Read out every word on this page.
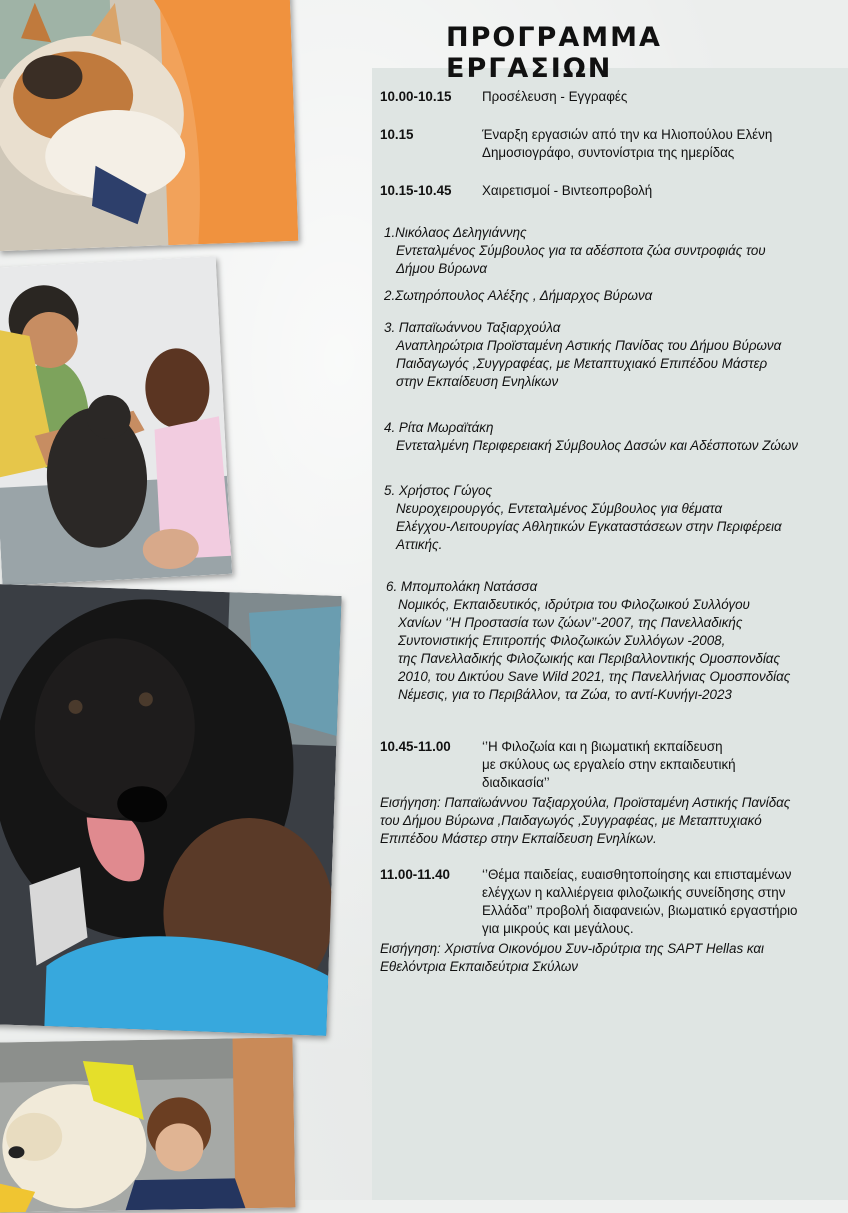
ΠΡΟΓΡΑΜΜΑ ΕΡΓΑΣΙΩΝ
10.00-10.15	Προσέλευση - Εγγραφές
10.15	Έναρξη εργασιών από την κα Ηλιοπούλου Ελένη
Δημοσιογράφο, συντονίστρια της ημερίδας
10.15-10.45	Χαιρετισμοί - Βιντεοπροβολή
1.Νικόλαος Δεληγιάννης
Εντεταλμένος Σύμβουλος για τα αδέσποτα ζώα συντροφιάς του
Δήμου Βύρωνα
2.Σωτηρόπουλος Αλέξης , Δήμαρχος Βύρωνα
3. Παπαϊωάννου Ταξιαρχούλα
Αναπληρώτρια Προϊσταμένη Αστικής Πανίδας του Δήμου Βύρωνα
Παιδαγωγός ,Συγγραφέας, με Μεταπτυχιακό Επιπέδου Μάστερ
στην Εκπαίδευση Ενηλίκων
4. Ρίτα Μωραϊτάκη
Εντεταλμένη Περιφερειακή Σύμβουλος Δασών και Αδέσποτων Ζώων
5. Χρήστος Γώγος
Νευροχειρουργός, Εντεταλμένος Σύμβουλος για θέματα
Ελέγχου-Λειτουργίας Αθλητικών Εγκαταστάσεων στην Περιφέρεια
Αττικής.
6. Μπομπολάκη Νατάσσα
Νομικός, Εκπαιδευτικός, ιδρύτρια του Φιλοζωικού Συλλόγου
Χανίων ‘’Η Προστασία των ζώων’’-2007, της Πανελλαδικής
Συντονιστικής Επιτροπής Φιλοζωικών Συλλόγων -2008,
της Πανελλαδικής Φιλοζωικής και Περιβαλλοντικής Ομοσπονδίας
2010, του Δικτύου Save Wild 2021, της Πανελλήνιας Ομοσπονδίας
Νέμεσις, για το Περιβάλλον, τα Ζώα, το αντί-Κυνήγι-2023
10.45-11.00	‘’Η Φιλοζωία και η βιωματική εκπαίδευση
με σκύλους ως εργαλείο στην εκπαιδευτική
διαδικασία’’
Εισήγηση: Παπαϊωάννου Ταξιαρχούλα, Προϊσταμένη Αστικής Πανίδας
του Δήμου Βύρωνα ,Παιδαγωγός ,Συγγραφέας, με Μεταπτυχιακό
Επιπέδου Μάστερ στην Εκπαίδευση Ενηλίκων.
11.00-11.40	‘’Θέμα παιδείας, ευαισθητοποίησης και επισταμένων
ελέγχων η καλλιέργεια φιλοζωικής συνείδησης στην
Ελλάδα’’ προβολή διαφανειών, βιωματικό εργαστήριο
για μικρούς και μεγάλους.
Εισήγηση: Χριστίνα Οικονόμου Συν-ιδρύτρια της SAPT Hellas και
Εθελόντρια Εκπαιδεύτρια Σκύλων
